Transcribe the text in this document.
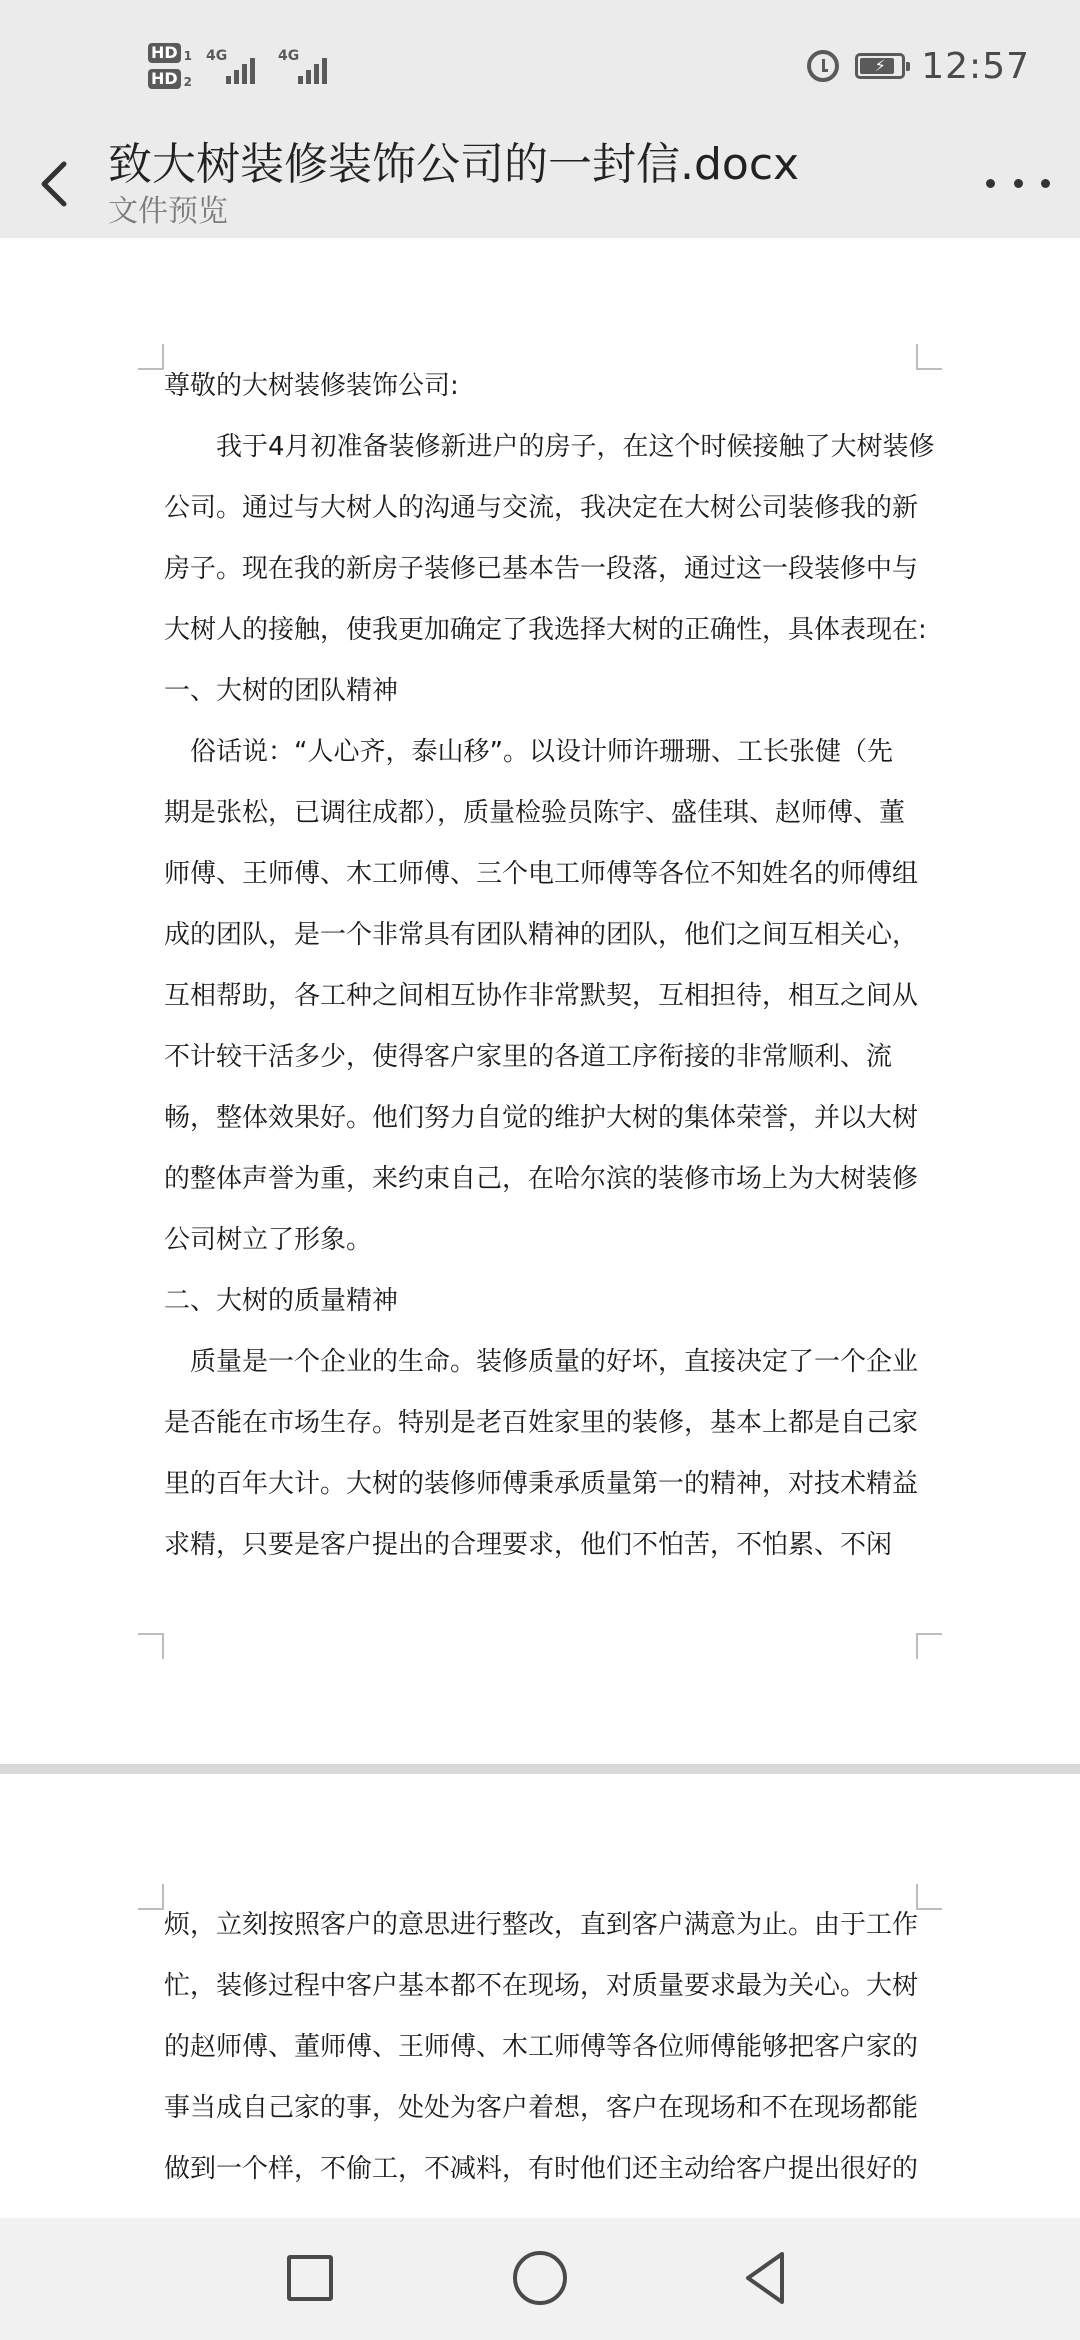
HD 1
HD 2
4G	4G	⚡ 12:57
致大树装修装饰公司的一封信.docx
文件预览
尊敬的大树装修装饰公司:
　　我于4月初准备装修新进户的房子，在这个时候接触了大树装修
公司。通过与大树人的沟通与交流，我决定在大树公司装修我的新
房子。现在我的新房子装修已基本告一段落，通过这一段装修中与
大树人的接触，使我更加确定了我选择大树的正确性，具体表现在:
一、大树的团队精神
　俗话说：“人心齐，泰山移”。以设计师许珊珊、工长张健（先
期是张松，已调往成都），质量检验员陈宇、盛佳琪、赵师傅、董
师傅、王师傅、木工师傅、三个电工师傅等各位不知姓名的师傅组
成的团队，是一个非常具有团队精神的团队，他们之间互相关心，
互相帮助，各工种之间相互协作非常默契，互相担待，相互之间从
不计较干活多少，使得客户家里的各道工序衔接的非常顺利、流
畅，整体效果好。他们努力自觉的维护大树的集体荣誉，并以大树
的整体声誉为重，来约束自己，在哈尔滨的装修市场上为大树装修
公司树立了形象。
二、大树的质量精神
　质量是一个企业的生命。装修质量的好坏，直接决定了一个企业
是否能在市场生存。特别是老百姓家里的装修，基本上都是自己家
里的百年大计。大树的装修师傅秉承质量第一的精神，对技术精益
求精，只要是客户提出的合理要求，他们不怕苦，不怕累、不闲
烦，立刻按照客户的意思进行整改，直到客户满意为止。由于工作
忙，装修过程中客户基本都不在现场，对质量要求最为关心。大树
的赵师傅、董师傅、王师傅、木工师傅等各位师傅能够把客户家的
事当成自己家的事，处处为客户着想，客户在现场和不在现场都能
做到一个样，不偷工，不减料，有时他们还主动给客户提出很好的
